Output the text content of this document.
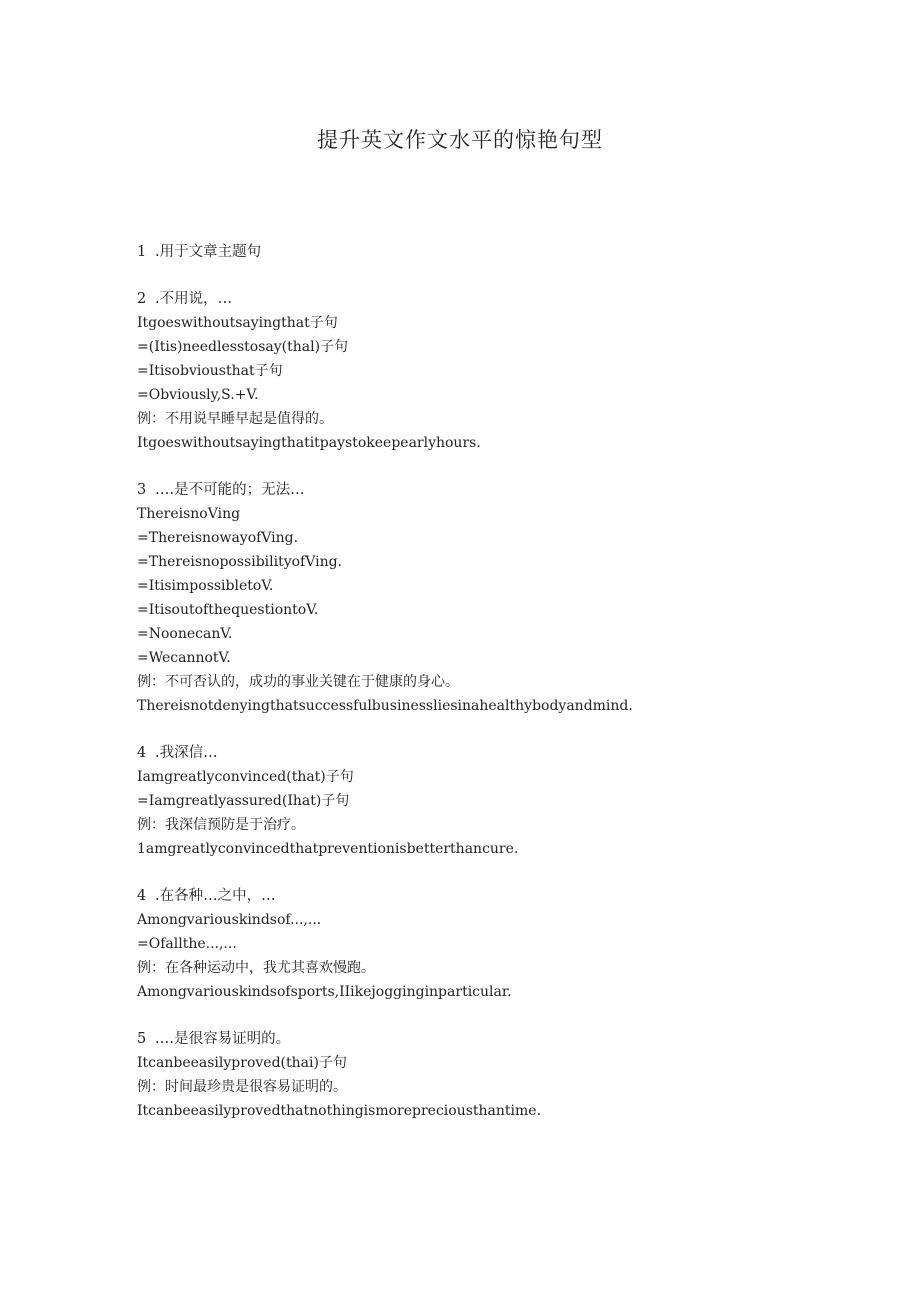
提升英文作文水平的惊艳句型
1 .用于文章主题句
2 .不用说，…
Itgoeswithoutsayingthat子句
=(Itis)needlesstosay(thal)子句
=Itisobviousthat子句
=Obviously,S.+V.
例：不用说早睡早起是值得的。
Itgoeswithoutsayingthatitpaystokeepearlyhours.
3 ….是不可能的；无法…
ThereisnoVing
=ThereisnowayofVing.
=ThereisnopossibilityofVing.
=ItisimpossibletoV.
=ItisoutofthequestiontoV.
=NoonecanV.
=WecannotV.
例：不可否认的，成功的事业关键在于健康的身心。
Thereisnotdenyingthatsuccessfulbusinessliesinahealthybodyandmind.
4 .我深信…
Iamgreatlyconvinced(that)子句
=Iamgreatlyassured(Ihat)子句
例：我深信预防是于治疗。
1amgreatlyconvincedthatpreventionisbetterthancure.
4 .在各种…之中，…
Amongvariouskindsof...,...
=Ofallthe...,...
例：在各种运动中，我尤其喜欢慢跑。
Amongvariouskindsofsports,IIikejogginginparticular.
5 .…是很容易证明的。
Itcanbeeasilyproved(thai)子句
例：时间最珍贵是很容易证明的。
Itcanbeeasilyprovedthatnothingismorepreciousthantime.
